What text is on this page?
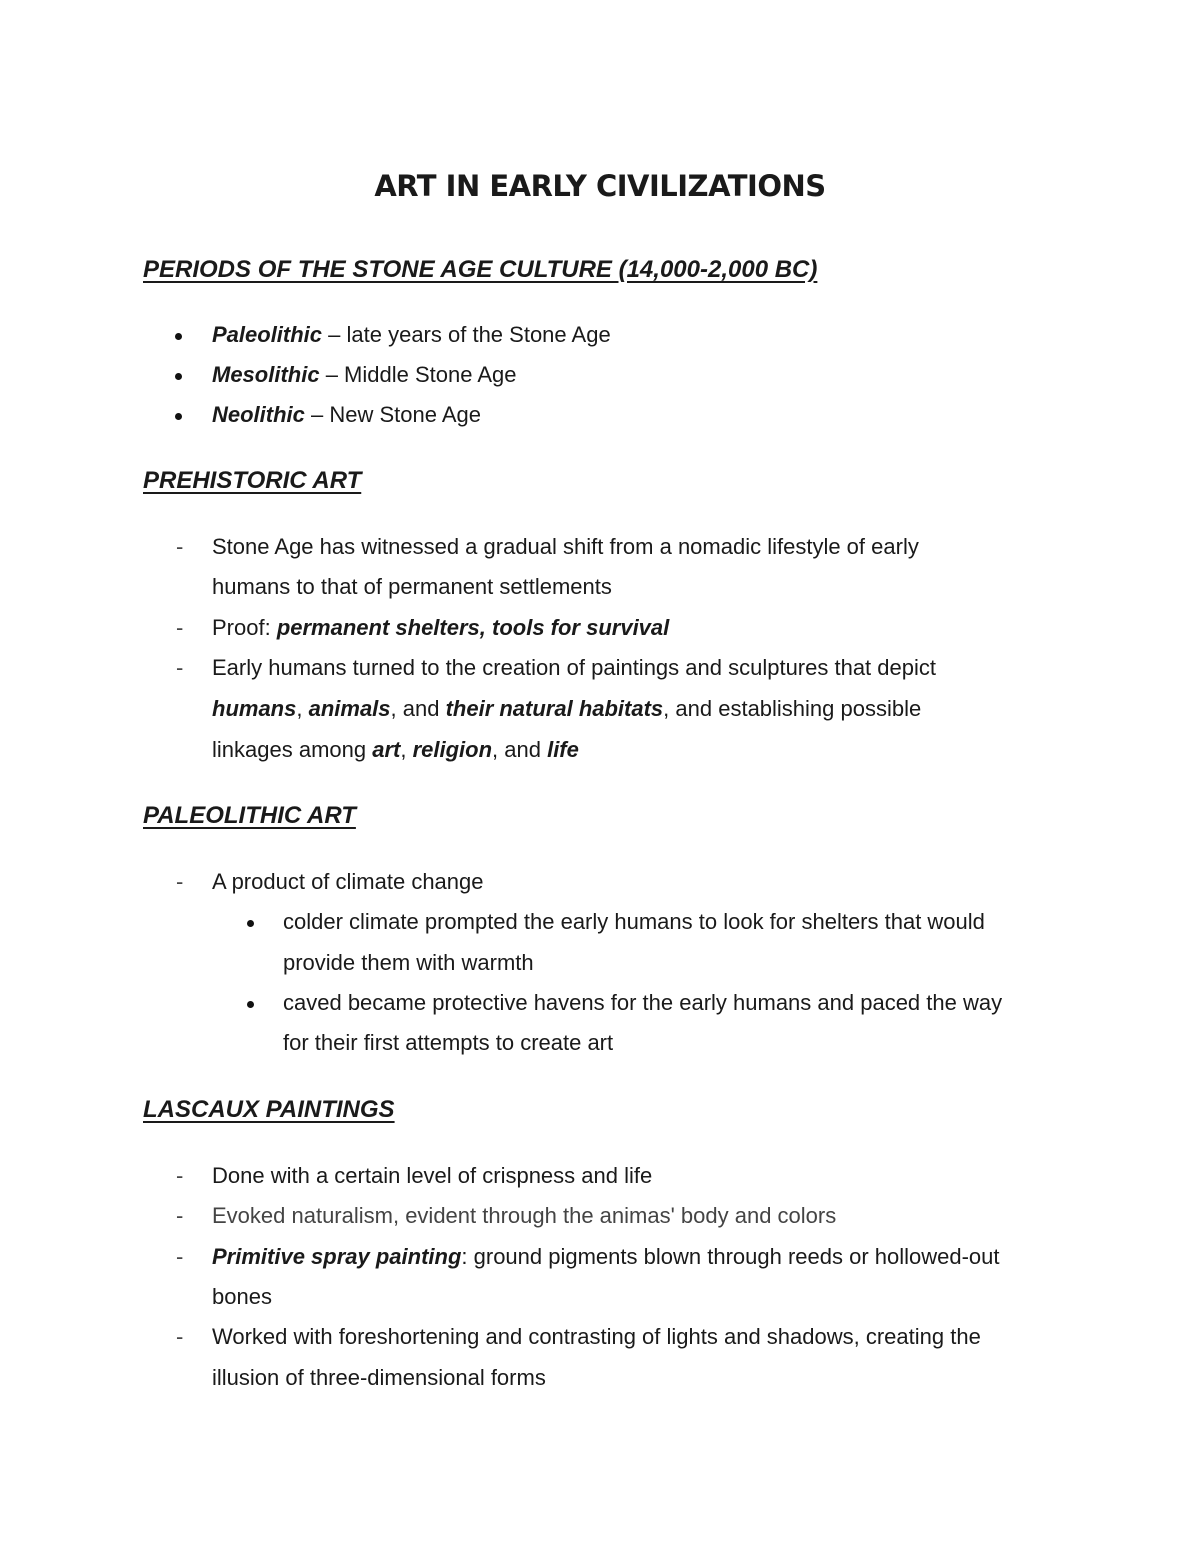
ART IN EARLY CIVILIZATIONS
PERIODS OF THE STONE AGE CULTURE (14,000-2,000 BC)
Paleolithic – late years of the Stone Age
Mesolithic – Middle Stone Age
Neolithic – New Stone Age
PREHISTORIC ART
- Stone Age has witnessed a gradual shift from a nomadic lifestyle of early
humans to that of permanent settlements
- Proof: permanent shelters, tools for survival
- Early humans turned to the creation of paintings and sculptures that depict
humans, animals, and their natural habitats, and establishing possible
linkages among art, religion, and life
PALEOLITHIC ART
- A product of climate change
colder climate prompted the early humans to look for shelters that would
provide them with warmth
caved became protective havens for the early humans and paced the way
for their first attempts to create art
LASCAUX PAINTINGS
- Done with a certain level of crispness and life
- Evoked naturalism, evident through the animas' body and colors
- Primitive spray painting: ground pigments blown through reeds or hollowed-out
bones
- Worked with foreshortening and contrasting of lights and shadows, creating the
illusion of three-dimensional forms
